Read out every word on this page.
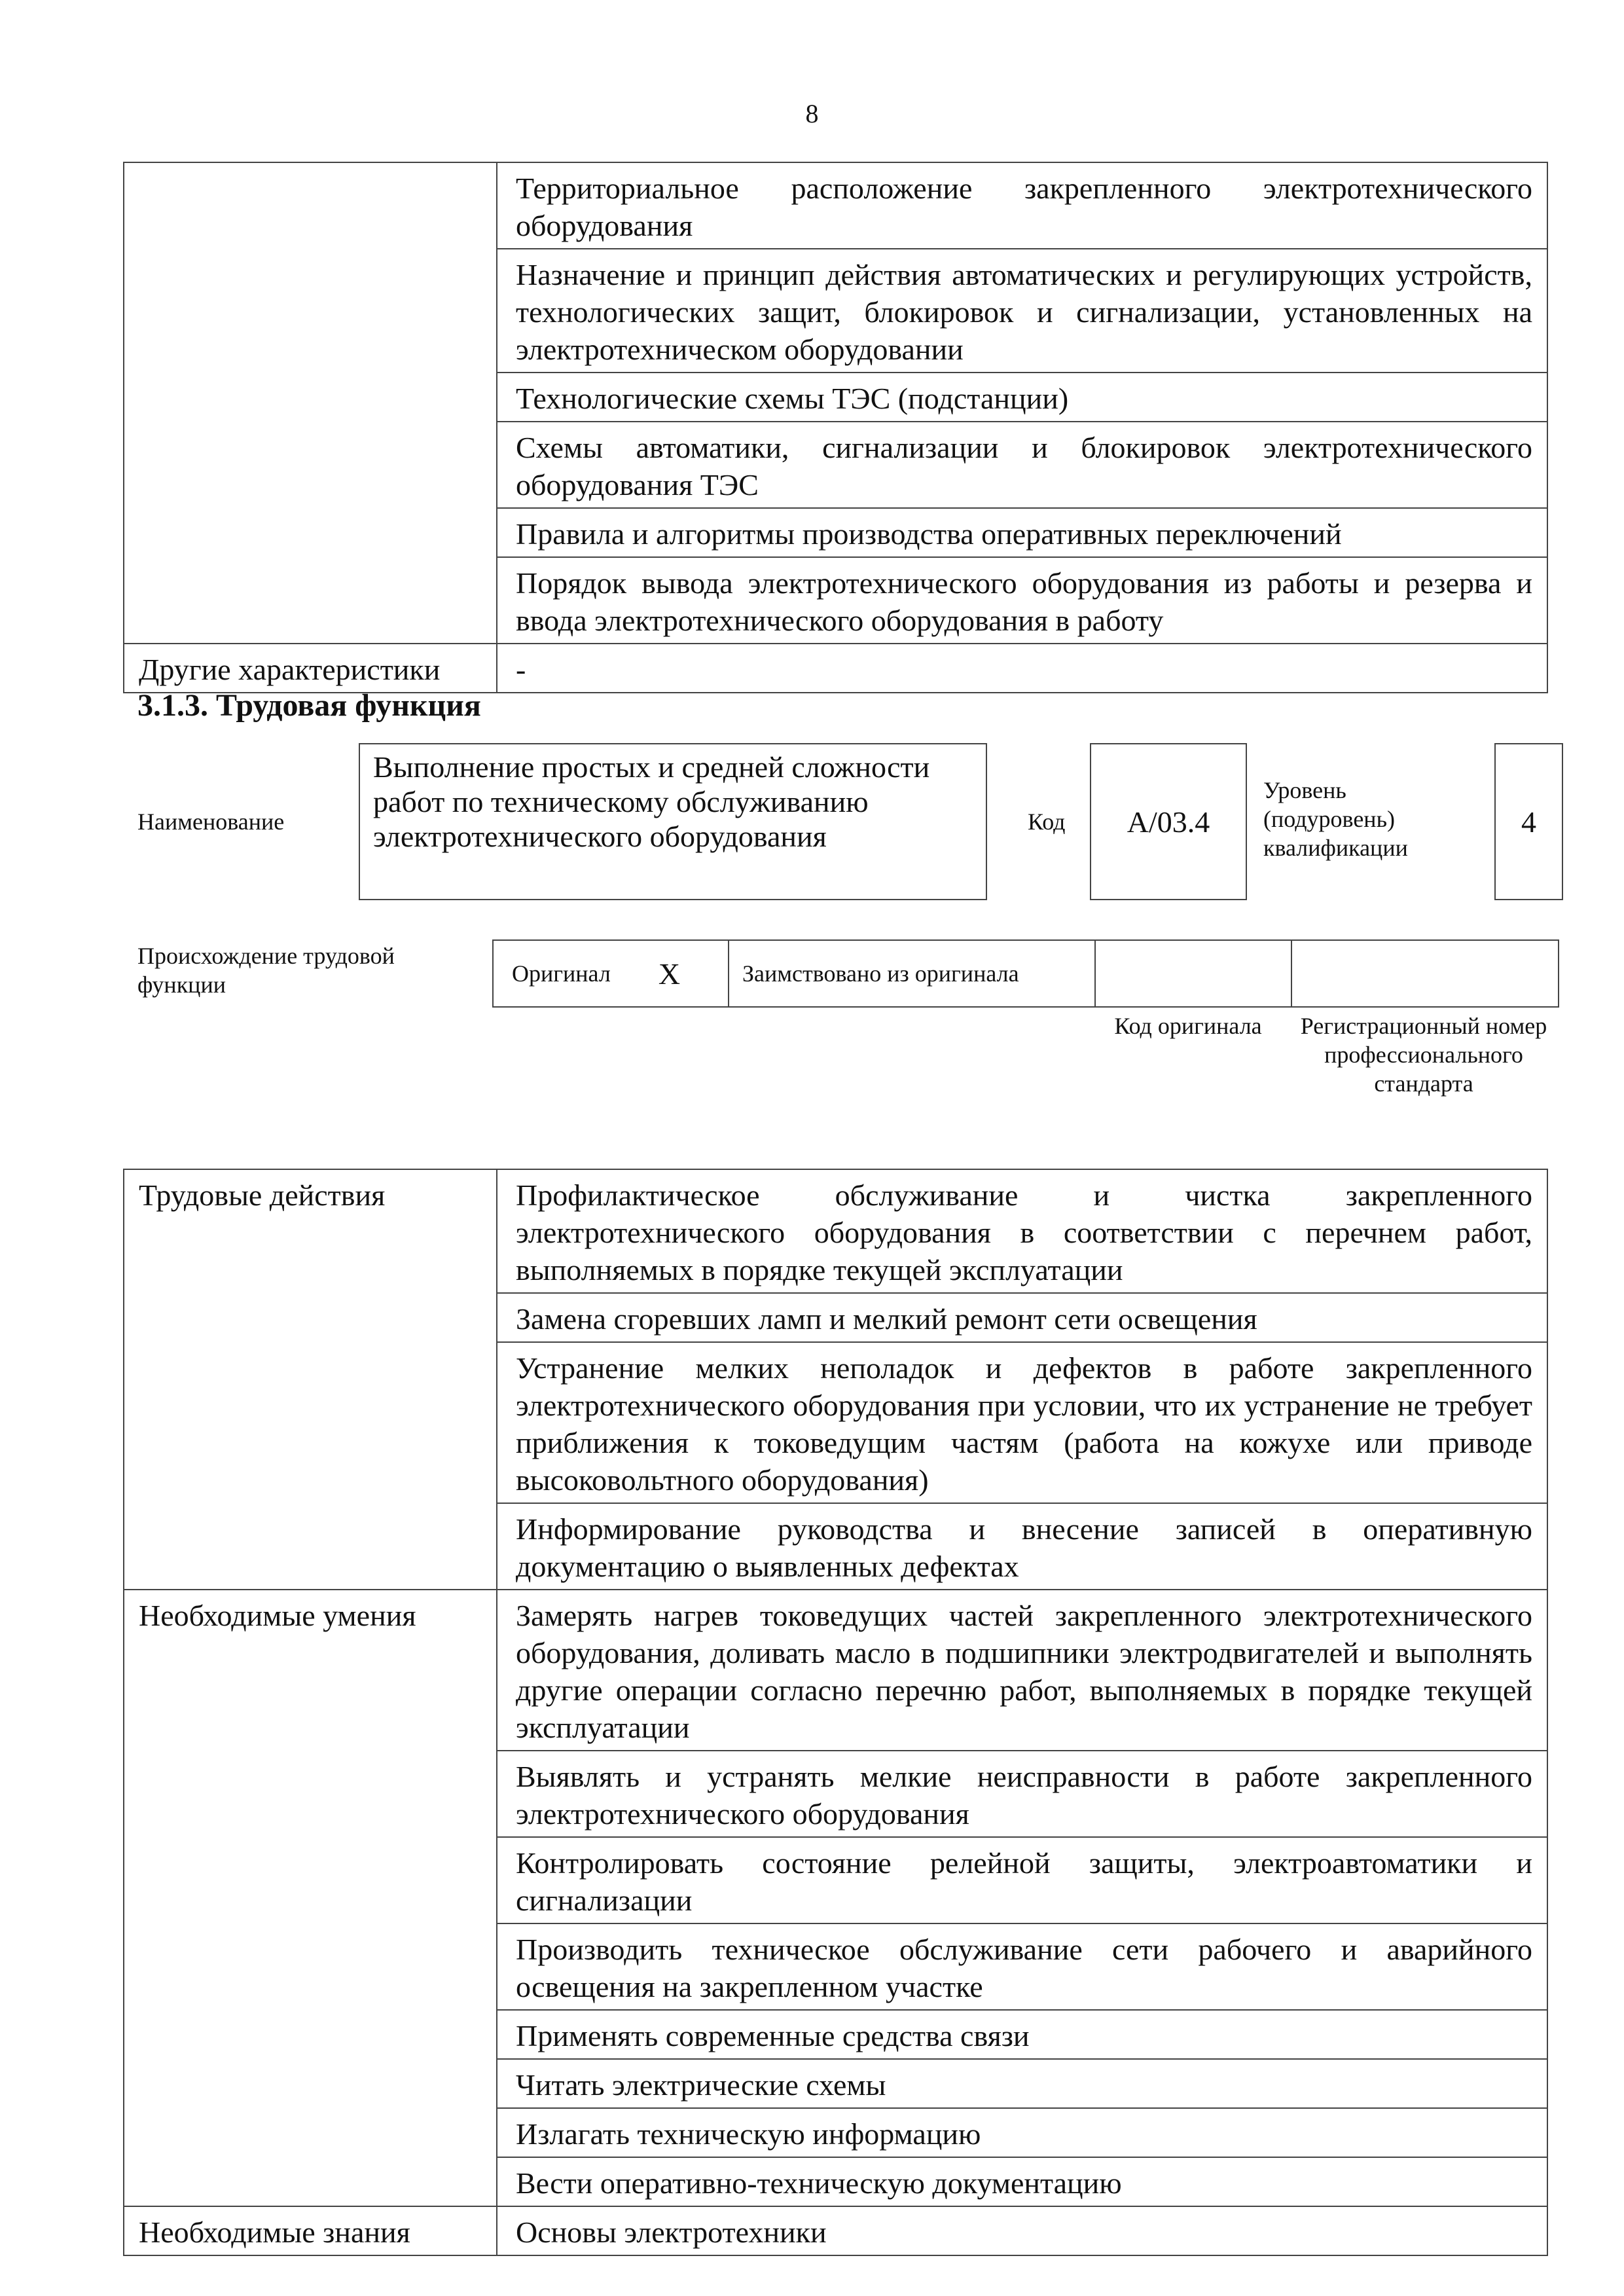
8
	Территориальное расположение закрепленного электротехнического оборудования
	Назначение и принцип действия автоматических и регулирующих устройств, технологических защит, блокировок и сигнализации, установленных на электротехническом оборудовании
	Технологические схемы ТЭС (подстанции)
	Схемы автоматики, сигнализации и блокировок электротехнического оборудования ТЭС
	Правила и алгоритмы производства оперативных переключений
	Порядок вывода электротехнического оборудования из работы и резерва и ввода электротехнического оборудования в работу
Другие характеристики	-
3.1.3. Трудовая функция
Наименование
Выполнение простых и средней сложности работ по техническому обслуживанию электротехнического оборудования	Код	A/03.4
Уровень (подуровень) квалификации
4
Происхождение трудовой функции	Оригинал	X	Заимствовано из оригинала		
Код оригинала	Регистрационный номер профессионального стандарта
Трудовые действия	Профилактическое обслуживание и чистка закрепленного электротехнического оборудования в соответствии с перечнем работ, выполняемых в порядке текущей эксплуатации
	Замена сгоревших ламп и мелкий ремонт сети освещения
	Устранение мелких неполадок и дефектов в работе закрепленного электротехнического оборудования при условии, что их устранение не требует приближения к токоведущим частям (работа на кожухе или приводе высоковольтного оборудования)
	Информирование руководства и внесение записей в оперативную документацию о выявленных дефектах
Необходимые умения	Замерять нагрев токоведущих частей закрепленного электротехнического оборудования, доливать масло в подшипники электродвигателей и выполнять другие операции согласно перечню работ, выполняемых в порядке текущей эксплуатации
	Выявлять и устранять мелкие неисправности в работе закрепленного электротехнического оборудования
	Контролировать состояние релейной защиты, электроавтоматики и сигнализации
	Производить техническое обслуживание сети рабочего и аварийного освещения на закрепленном участке
	Применять современные средства связи
	Читать электрические схемы
	Излагать техническую информацию
	Вести оперативно-техническую документацию
Необходимые знания	Основы электротехники
